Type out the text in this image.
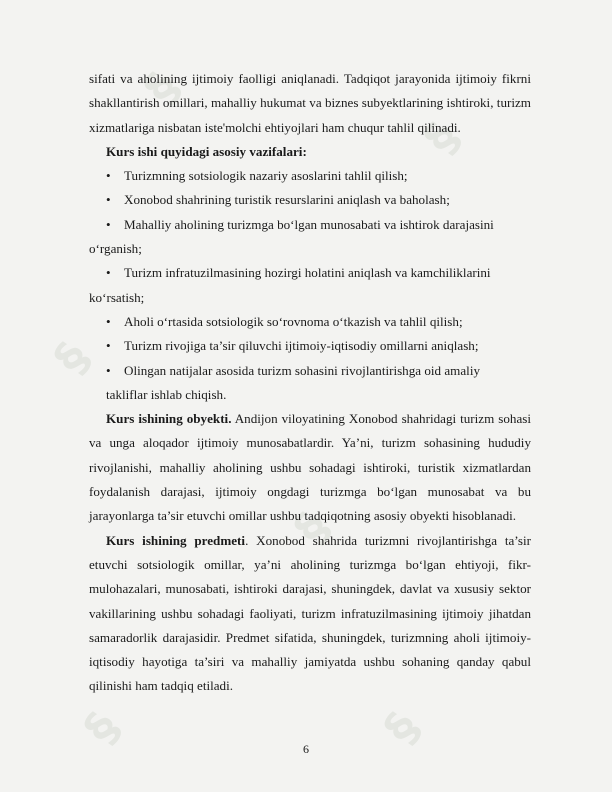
§
§
§
§
§	§

sifati va aholining ijtimoiy faolligi aniqlanadi. Tadqiqot jarayonida ijtimoiy fikrni shakllantirish omillari, mahalliy hukumat va biznes subyektlarining ishtiroki, turizm xizmatlariga nisbatan iste'molchi ehtiyojlari ham chuqur tahlil qilinadi.

Kurs ishi quyidagi asosiy vazifalari:

•	Turizmning sotsiologik nazariy asoslarini tahlil qilish;
•	Xonobod shahrining turistik resurslarini aniqlash va baholash;
•	Mahalliy aholining turizmga bo‘lgan munosabati va ishtirok darajasini o‘rganish;
•	Turizm infratuzilmasining hozirgi holatini aniqlash va kamchiliklarini ko‘rsatish;
•	Aholi o‘rtasida sotsiologik so‘rovnoma o‘tkazish va tahlil qilish;
•	Turizm rivojiga ta’sir qiluvchi ijtimoiy-iqtisodiy omillarni aniqlash;
•	Olingan natijalar asosida turizm sohasini rivojlantirishga oid amaliy

takliflar ishlab chiqish.

Kurs ishining obyekti. Andijon viloyatining Xonobod shahridagi turizm sohasi va unga aloqador ijtimoiy munosabatlardir. Ya’ni, turizm sohasining hududiy rivojlanishi, mahalliy aholining ushbu sohadagi ishtiroki, turistik xizmatlardan foydalanish darajasi, ijtimoiy ongdagi turizmga bo‘lgan munosabat va bu jarayonlarga ta’sir etuvchi omillar ushbu tadqiqotning asosiy obyekti hisoblanadi.

Kurs ishining predmeti. Xonobod shahrida turizmni rivojlantirishga ta’sir etuvchi sotsiologik omillar, ya’ni aholining turizmga bo‘lgan ehtiyoji, fikr-mulohazalari, munosabati, ishtiroki darajasi, shuningdek, davlat va xususiy sektor vakillarining ushbu sohadagi faoliyati, turizm infratuzilmasining ijtimoiy jihatdan samaradorlik darajasidir. Predmet sifatida, shuningdek, turizmning aholi ijtimoiy-iqtisodiy hayotiga ta’siri va mahalliy jamiyatda ushbu sohaning qanday qabul qilinishi ham tadqiq etiladi.

6
